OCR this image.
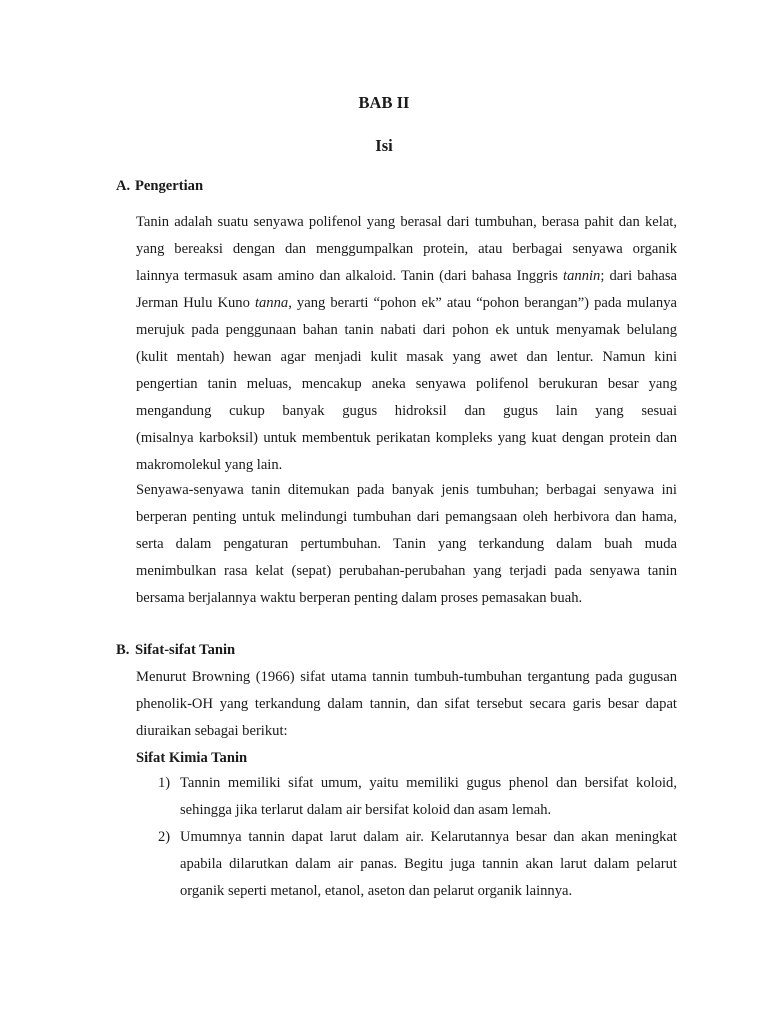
BAB II
Isi
A. Pengertian
Tanin adalah suatu senyawa polifenol yang berasal dari tumbuhan, berasa pahit dan kelat,
yang bereaksi dengan dan menggumpalkan protein, atau berbagai senyawa organik
lainnya termasuk asam amino dan alkaloid. Tanin (dari bahasa Inggris tannin; dari bahasa
Jerman Hulu Kuno tanna, yang berarti “pohon ek” atau “pohon berangan”) pada mulanya
merujuk pada penggunaan bahan tanin nabati dari pohon ek untuk menyamak belulang
(kulit mentah) hewan agar menjadi kulit masak yang awet dan lentur. Namun kini
pengertian tanin meluas, mencakup aneka senyawa polifenol berukuran besar yang
mengandung cukup banyak gugus hidroksil dan gugus lain yang sesuai
(misalnya karboksil) untuk membentuk perikatan kompleks yang kuat dengan protein dan
makromolekul yang lain.
Senyawa-senyawa tanin ditemukan pada banyak jenis tumbuhan; berbagai senyawa ini
berperan penting untuk melindungi tumbuhan dari pemangsaan oleh herbivora dan hama,
serta dalam pengaturan pertumbuhan. Tanin yang terkandung dalam buah muda
menimbulkan rasa kelat (sepat) perubahan-perubahan yang terjadi pada senyawa tanin
bersama berjalannya waktu berperan penting dalam proses pemasakan buah.
B. Sifat-sifat Tanin
Menurut Browning (1966) sifat utama tannin tumbuh-tumbuhan tergantung pada gugusan
phenolik-OH yang terkandung dalam tannin, dan sifat tersebut secara garis besar dapat
diuraikan sebagai berikut:
Sifat Kimia Tanin
1) Tannin memiliki sifat umum, yaitu memiliki gugus phenol dan bersifat koloid,
sehingga jika terlarut dalam air bersifat koloid dan asam lemah.
2) Umumnya tannin dapat larut dalam air. Kelarutannya besar dan akan meningkat
apabila dilarutkan dalam air panas. Begitu juga tannin akan larut dalam pelarut
organik seperti metanol, etanol, aseton dan pelarut organik lainnya.
